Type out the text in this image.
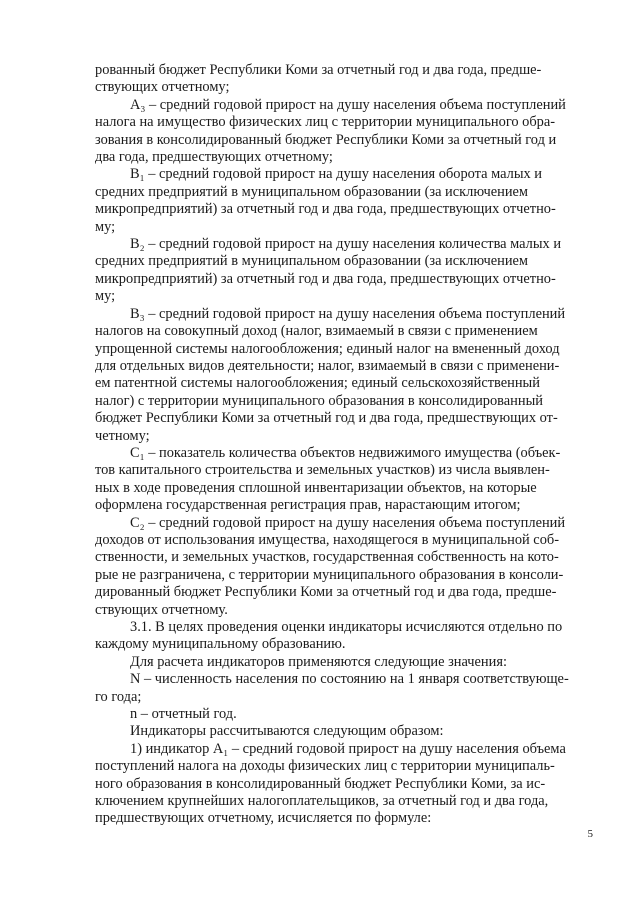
рованный бюджет Республики Коми за отчетный год и два года, предше-
ствующих отчетному;

А₃ – средний годовой прирост на душу населения объема поступлений
налога на имущество физических лиц с территории муниципального обра-
зования в консолидированный бюджет Республики Коми за отчетный год и
два года, предшествующих отчетному;

В₁ – средний годовой прирост на душу населения оборота малых и
средних предприятий в муниципальном образовании (за исключением
микропредприятий) за отчетный год и два года, предшествующих отчетно-
му;

В₂ – средний годовой прирост на душу населения количества малых и
средних предприятий в муниципальном образовании (за исключением
микропредприятий) за отчетный год и два года, предшествующих отчетно-
му;

В₃ – средний годовой прирост на душу населения объема поступлений
налогов на совокупный доход (налог, взимаемый в связи с применением
упрощенной системы налогообложения; единый налог на вмененный доход
для отдельных видов деятельности; налог, взимаемый в связи с применени-
ем патентной системы налогообложения; единый сельскохозяйственный
налог) с территории муниципального образования в консолидированный
бюджет Республики Коми за отчетный год и два года, предшествующих от-
четному;

С₁ – показатель количества объектов недвижимого имущества (объек-
тов капитального строительства и земельных участков) из числа выявлен-
ных в ходе проведения сплошной инвентаризации объектов, на которые
оформлена государственная регистрация прав, нарастающим итогом;

С₂ – средний годовой прирост на душу населения объема поступлений
доходов от использования имущества, находящегося в муниципальной соб-
ственности, и земельных участков, государственная собственность на кото-
рые не разграничена, с территории муниципального образования в консоли-
дированный бюджет Республики Коми за отчетный год и два года, предше-
ствующих отчетному.

3.1. В целях проведения оценки индикаторы исчисляются отдельно по
каждому муниципальному образованию.

Для расчета индикаторов применяются следующие значения:

N – численность населения по состоянию на 1 января соответствующе-
го года;

n – отчетный год.

Индикаторы рассчитываются следующим образом:

1) индикатор А₁ – средний годовой прирост на душу населения объема
поступлений налога на доходы физических лиц с территории муниципаль-
ного образования в консолидированный бюджет Республики Коми, за ис-
ключением крупнейших налогоплательщиков, за отчетный год и два года,
предшествующих отчетному, исчисляется по формуле:

5
